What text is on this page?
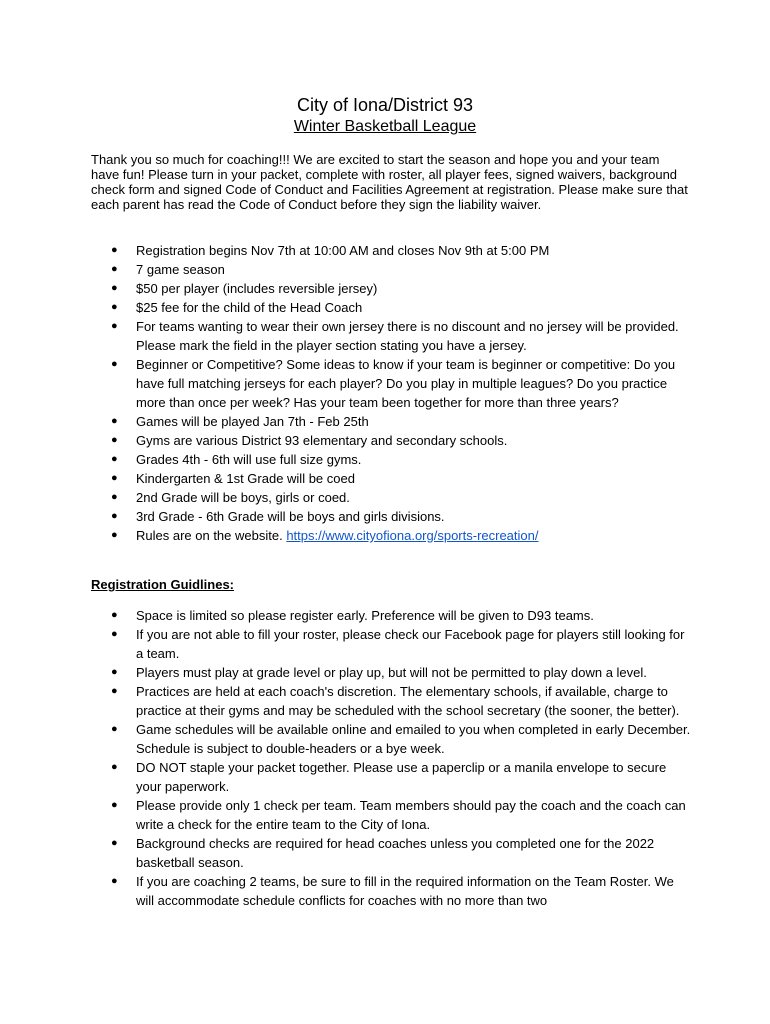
City of Iona/District 93
Winter Basketball League

Thank you so much for coaching!!! We are excited to start the season and hope you and your team have fun! Please turn in your packet, complete with roster, all player fees, signed waivers, background check form and signed Code of Conduct and Facilities Agreement at registration. Please make sure that each parent has read the Code of Conduct before they sign the liability waiver.

● Registration begins Nov 7th at 10:00 AM and closes Nov 9th at 5:00 PM
● 7 game season
● $50 per player (includes reversible jersey)
● $25 fee for the child of the Head Coach
● For teams wanting to wear their own jersey there is no discount and no jersey will be provided. Please mark the field in the player section stating you have a jersey.
● Beginner or Competitive? Some ideas to know if your team is beginner or competitive: Do you have full matching jerseys for each player? Do you play in multiple leagues? Do you practice more than once per week? Has your team been together for more than three years?
● Games will be played Jan 7th - Feb 25th
● Gyms are various District 93 elementary and secondary schools.
● Grades 4th - 6th will use full size gyms.
● Kindergarten & 1st Grade will be coed
● 2nd Grade will be boys, girls or coed.
● 3rd Grade - 6th Grade will be boys and girls divisions.
● Rules are on the website. https://www.cityofiona.org/sports-recreation/
Registration Guidlines:
● Space is limited so please register early. Preference will be given to D93 teams.
● If you are not able to fill your roster, please check our Facebook page for players still looking for a team.
● Players must play at grade level or play up, but will not be permitted to play down a level.
● Practices are held at each coach's discretion. The elementary schools, if available, charge to practice at their gyms and may be scheduled with the school secretary (the sooner, the better).
● Game schedules will be available online and emailed to you when completed in early December. Schedule is subject to double-headers or a bye week.
● DO NOT staple your packet together. Please use a paperclip or a manila envelope to secure your paperwork.
● Please provide only 1 check per team. Team members should pay the coach and the coach can write a check for the entire team to the City of Iona.
● Background checks are required for head coaches unless you completed one for the 2022 basketball season.
● If you are coaching 2 teams, be sure to fill in the required information on the Team Roster. We will accommodate schedule conflicts for coaches with no more than two
